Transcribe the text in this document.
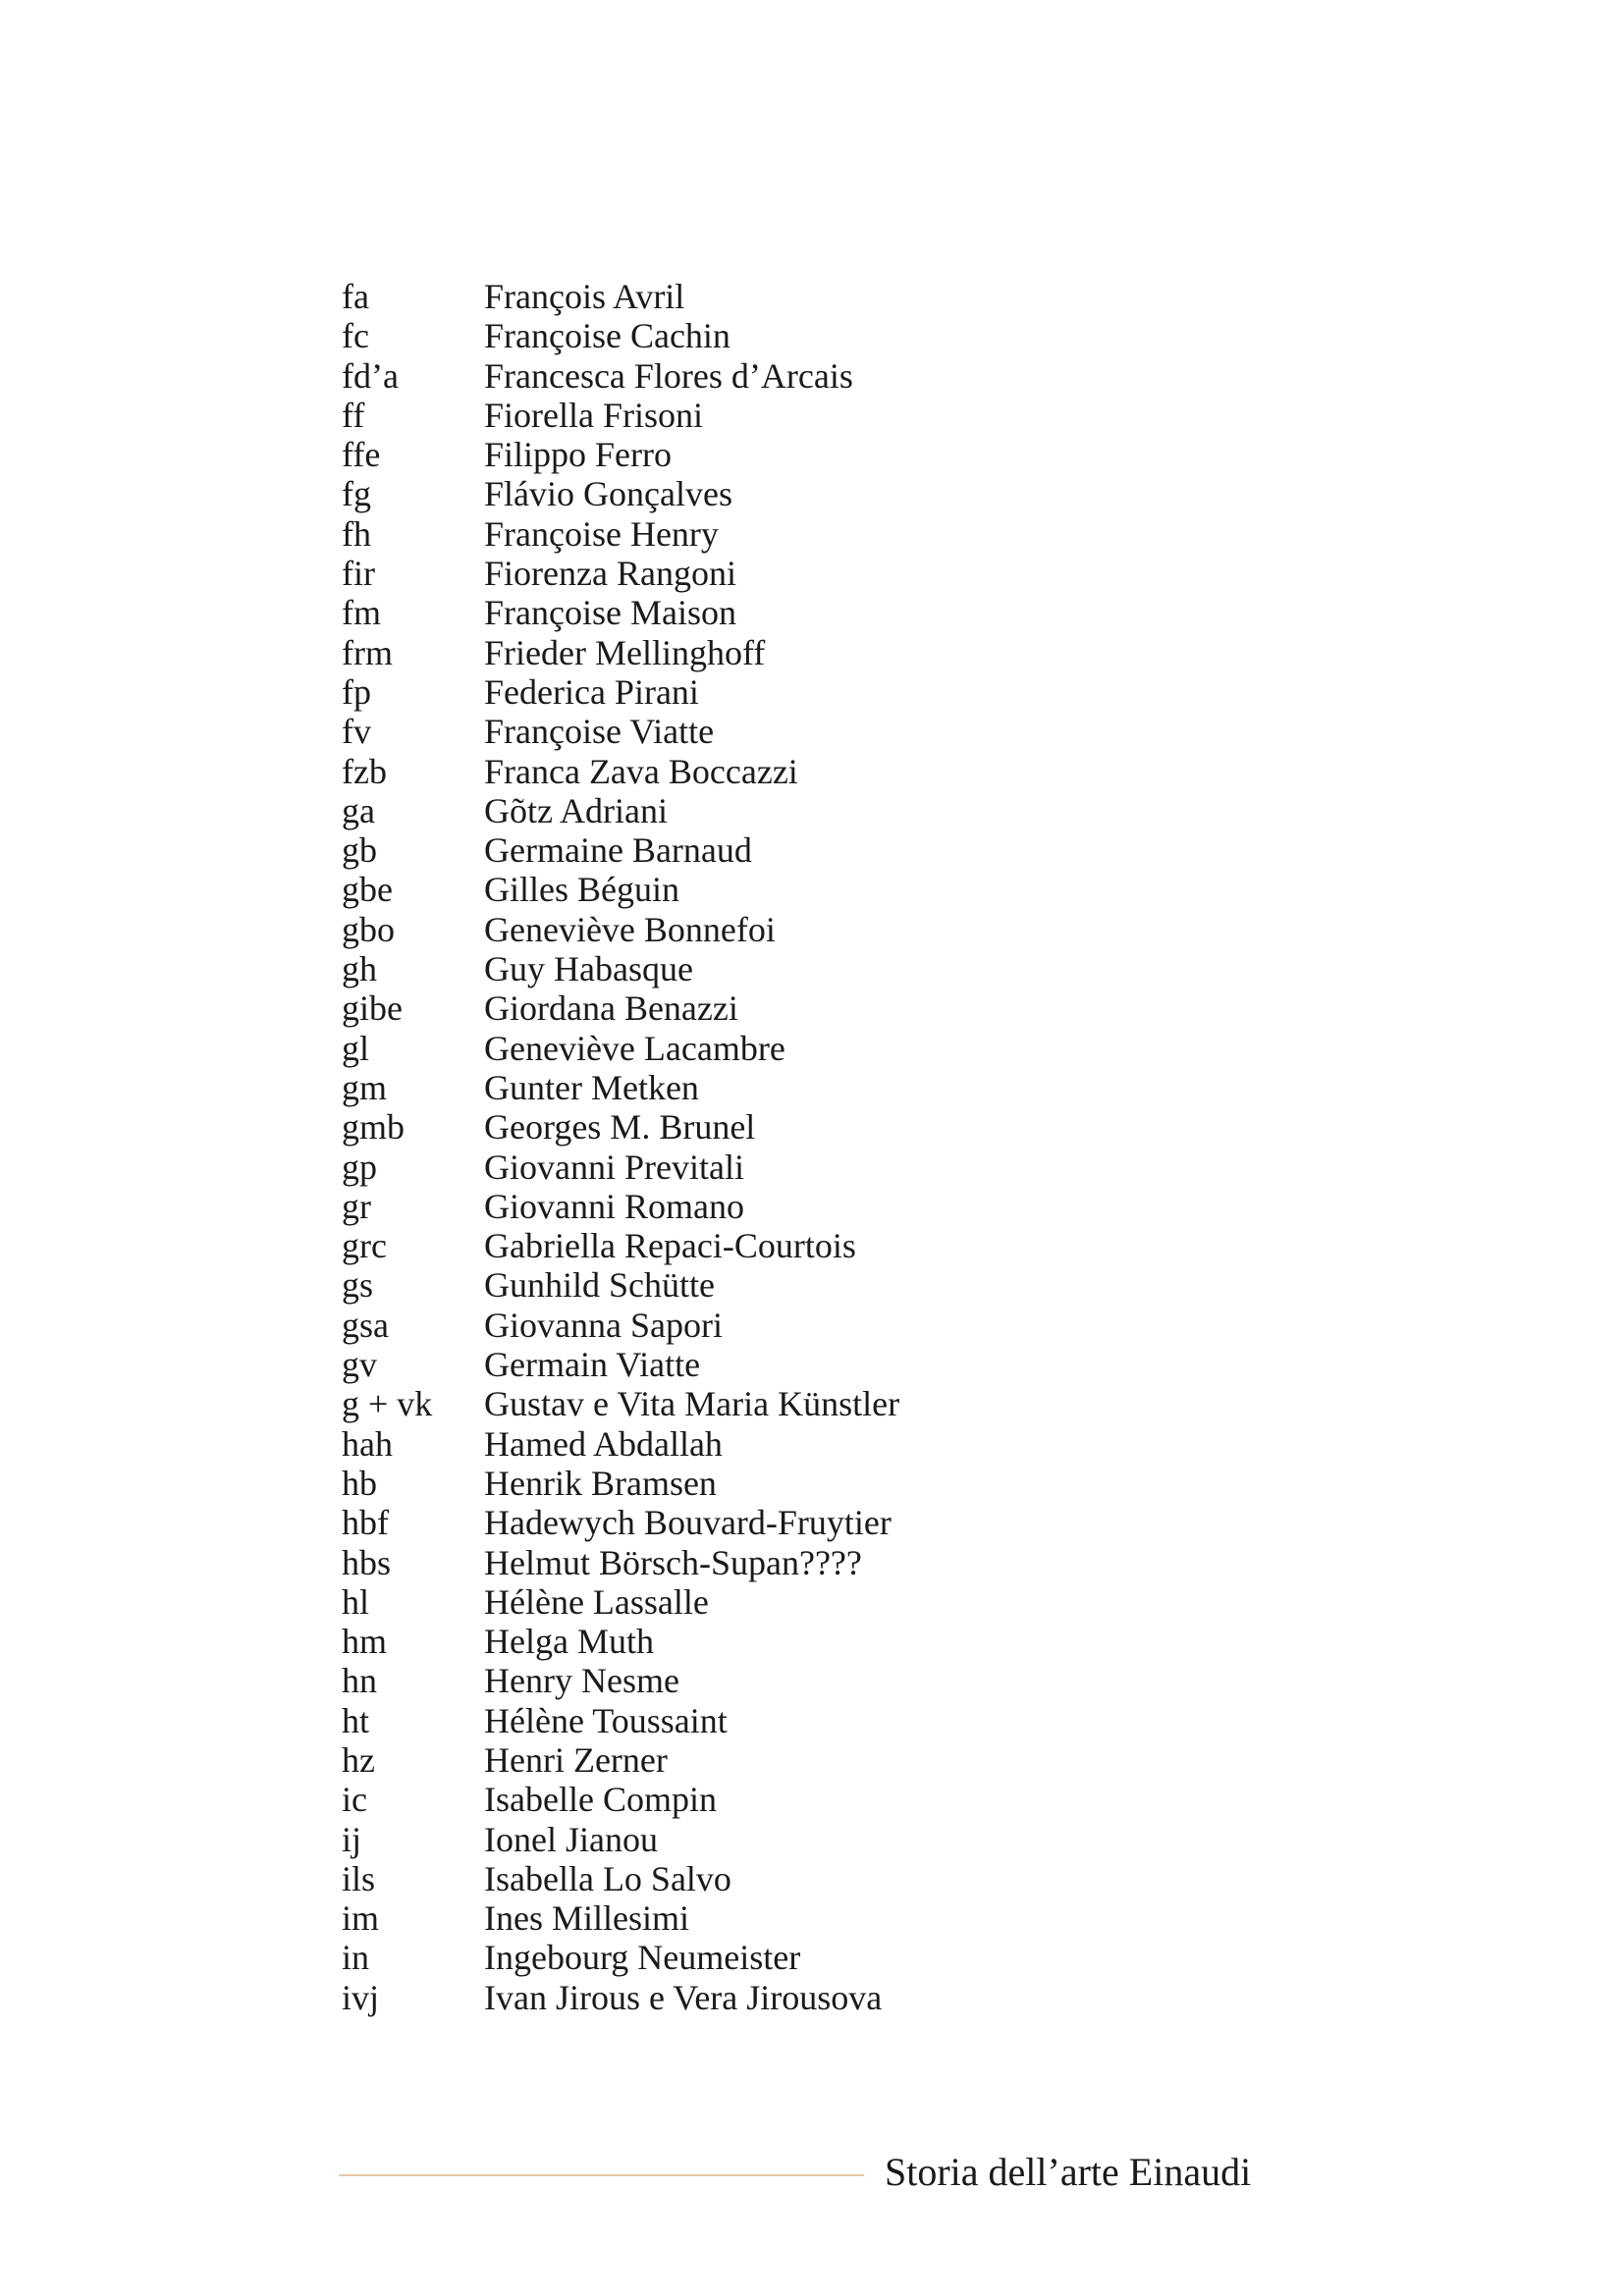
fa	François Avril
fc	Françoise Cachin
fd’a	Francesca Flores d’Arcais
ff	Fiorella Frisoni
ffe	Filippo Ferro
fg	Flávio Gonçalves
fh	Françoise Henry
fir	Fiorenza Rangoni
fm	Françoise Maison
frm	Frieder Mellinghoff
fp	Federica Pirani
fv	Françoise Viatte
fzb	Franca Zava Boccazzi
ga	Gõtz Adriani
gb	Germaine Barnaud
gbe	Gilles Béguin
gbo	Geneviève Bonnefoi
gh	Guy Habasque
gibe	Giordana Benazzi
gl	Geneviève Lacambre
gm	Gunter Metken
gmb	Georges M. Brunel
gp	Giovanni Previtali
gr	Giovanni Romano
grc	Gabriella Repaci-Courtois
gs	Gunhild Schütte
gsa	Giovanna Sapori
gv	Germain Viatte
g + vk	Gustav e Vita Maria Künstler
hah	Hamed Abdallah
hb	Henrik Bramsen
hbf	Hadewych Bouvard-Fruytier
hbs	Helmut Börsch-Supan????
hl	Hélène Lassalle
hm	Helga Muth
hn	Henry Nesme
ht	Hélène Toussaint
hz	Henri Zerner
ic	Isabelle Compin
ij	Ionel Jianou
ils	Isabella Lo Salvo
im	Ines Millesimi
in	Ingebourg Neumeister
ivj	Ivan Jirous e Vera Jirousova
Storia dell’arte Einaudi
